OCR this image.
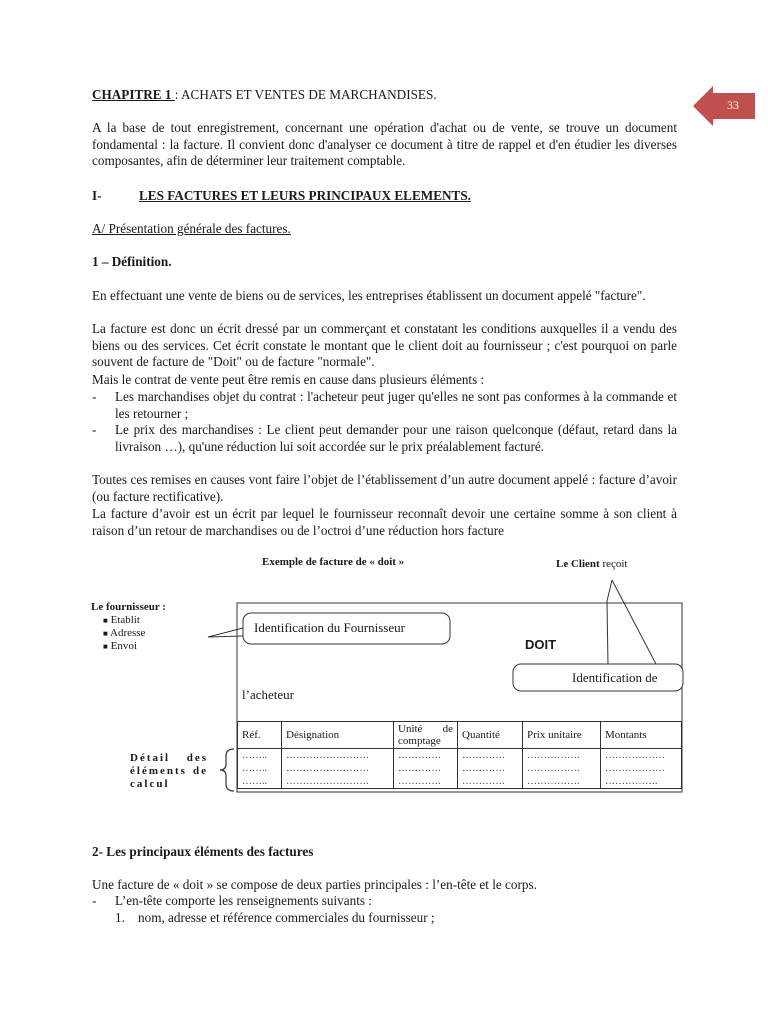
33
CHAPITRE 1 : ACHATS ET VENTES DE MARCHANDISES.
A la base de tout enregistrement, concernant une opération d'achat ou de vente, se trouve un document fondamental : la facture. Il convient donc d'analyser ce document à titre de rappel et d'en étudier les diverses composantes, afin de déterminer leur traitement comptable.
I-	LES FACTURES ET LEURS PRINCIPAUX ELEMENTS.
A/ Présentation générale des factures.
1 – Définition.
En effectuant une vente de biens ou de services, les entreprises établissent un document appelé "facture".
La facture est donc un écrit dressé par un commerçant et constatant les conditions auxquelles il a vendu des biens ou des services. Cet écrit constate le montant que le client doit au fournisseur ; c'est pourquoi on parle souvent de facture de "Doit" ou de facture "normale".
Mais le contrat de vente peut être remis en cause dans plusieurs éléments :
-	Les marchandises objet du contrat : l'acheteur peut juger qu'elles ne sont pas conformes à la commande et les retourner ;
-	Le prix des marchandises : Le client peut demander pour une raison quelconque (défaut, retard dans la livraison …), qu'une réduction lui soit accordée sur le prix préalablement facturé.
Toutes ces remises en causes vont faire l’objet de l’établissement d’un autre document appelé : facture d’avoir (ou facture rectificative).
La facture d’avoir est un écrit par lequel le fournisseur reconnaît devoir une certaine somme à son client à raison d’un retour de marchandises ou de l’octroi d’une réduction hors facture
Exemple de facture de « doit »	Le Client reçoit
Le fournisseur :
■ Etablit
■ Adresse
■ Envoi
Identification du Fournisseur
DOIT
Identification de
l’acheteur
Détail des éléments de calcul
Réf.	Désignation	Unité de comptage	Quantité	Prix unitaire	Montants
……..	…………………….	………….	………….	…………….	………………
……..	…………………….	………….	………….	…………….	………………
……..	…………………….	………….	………….	…………….	…………….
2- Les principaux éléments des factures
Une facture de « doit » se compose de deux parties principales : l’en-tête et le corps.
-	L’en-tête comporte les renseignements suivants :
1. nom, adresse et référence commerciales du fournisseur ;
